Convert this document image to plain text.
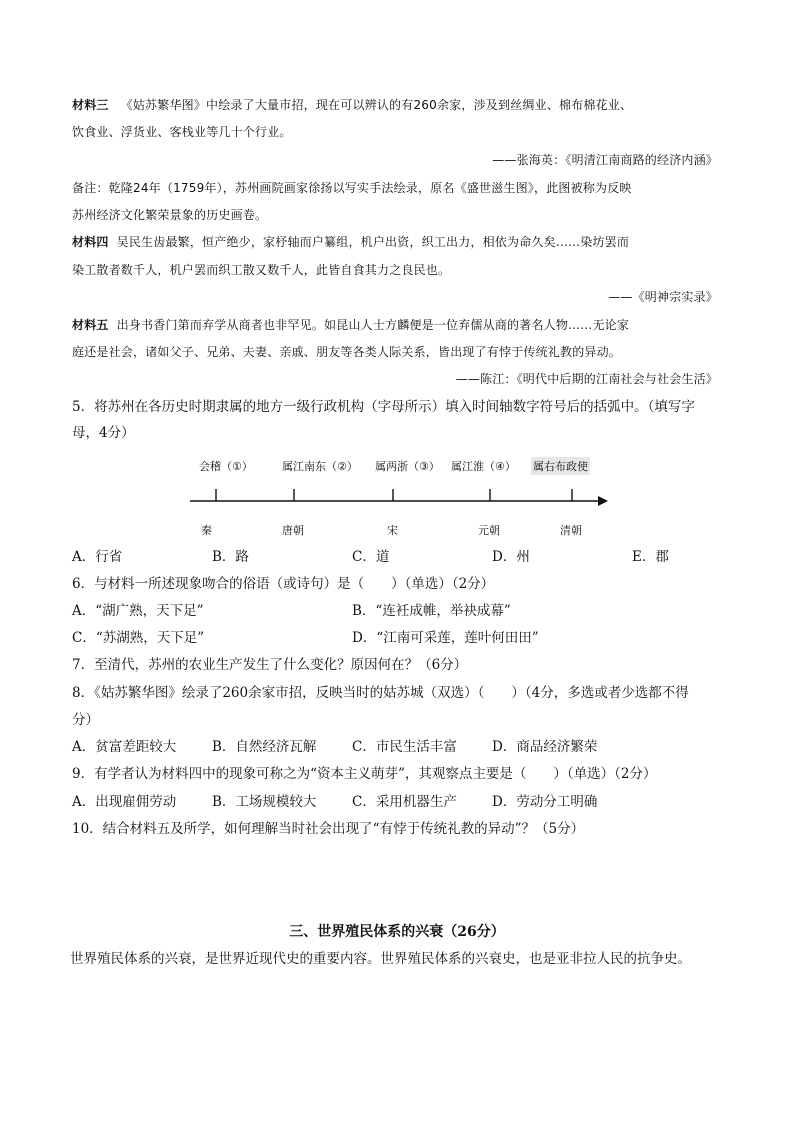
材料三 《姑苏繁华图》中绘录了大量市招，现在可以辨认的有260余家，涉及到丝绸业、棉布棉花业、
饮食业、浮货业、客栈业等几十个行业。
——张海英：《明清江南商路的经济内涵》
备注：乾隆24年（1759年），苏州画院画家徐扬以写实手法绘录，原名《盛世滋生图》，此图被称为反映
苏州经济文化繁荣景象的历史画卷。
材料四 吴民生齿最繁，恒产绝少，家杼轴而户纂组，机户出资，织工出力，相依为命久矣……染坊罢而
染工散者数千人，机户罢而织工散又数千人，此皆自食其力之良民也。
——《明神宗实录》
材料五 出身书香门第而弃学从商者也非罕见。如昆山人士方麟便是一位弃儒从商的著名人物……无论家
庭还是社会，诸如父子、兄弟、夫妻、亲戚、朋友等各类人际关系，皆出现了有悖于传统礼教的异动。
——陈江：《明代中后期的江南社会与社会生活》
5．将苏州在各历史时期隶属的地方一级行政机构（字母所示）填入时间轴数字符号后的括弧中。（填写字
母，4分）
会稽（①）	属江南东（②） 属两浙（③） 属江淮（④） 属右布政使
秦	唐朝	宋	元朝	清朝
A．行省	B．路	C．道	D．州	E．郡
6．与材料一所述现象吻合的俗语（或诗句）是（　　）（单选）（2分）
A．“湖广熟，天下足”	B．“连衽成帷，举袂成幕”
C．“苏湖熟，天下足”	D．“江南可采莲，莲叶何田田”
7．至清代，苏州的农业生产发生了什么变化？原因何在？（6分）
8．《姑苏繁华图》绘录了260余家市招，反映当时的姑苏城（双选）（　　）（4分，多选或者少选都不得
分）
A．贫富差距较大	B．自然经济瓦解	C．市民生活丰富	D．商品经济繁荣
9．有学者认为材料四中的现象可称之为“资本主义萌芽”，其观察点主要是（　　）（单选）（2分）
A．出现雇佣劳动	B．工场规模较大	C．采用机器生产	D．劳动分工明确
10．结合材料五及所学，如何理解当时社会出现了“有悖于传统礼教的异动”？（5分）
三、世界殖民体系的兴衰（26分）
世界殖民体系的兴衰，是世界近现代史的重要内容。世界殖民体系的兴衰史，也是亚非拉人民的抗争史。
